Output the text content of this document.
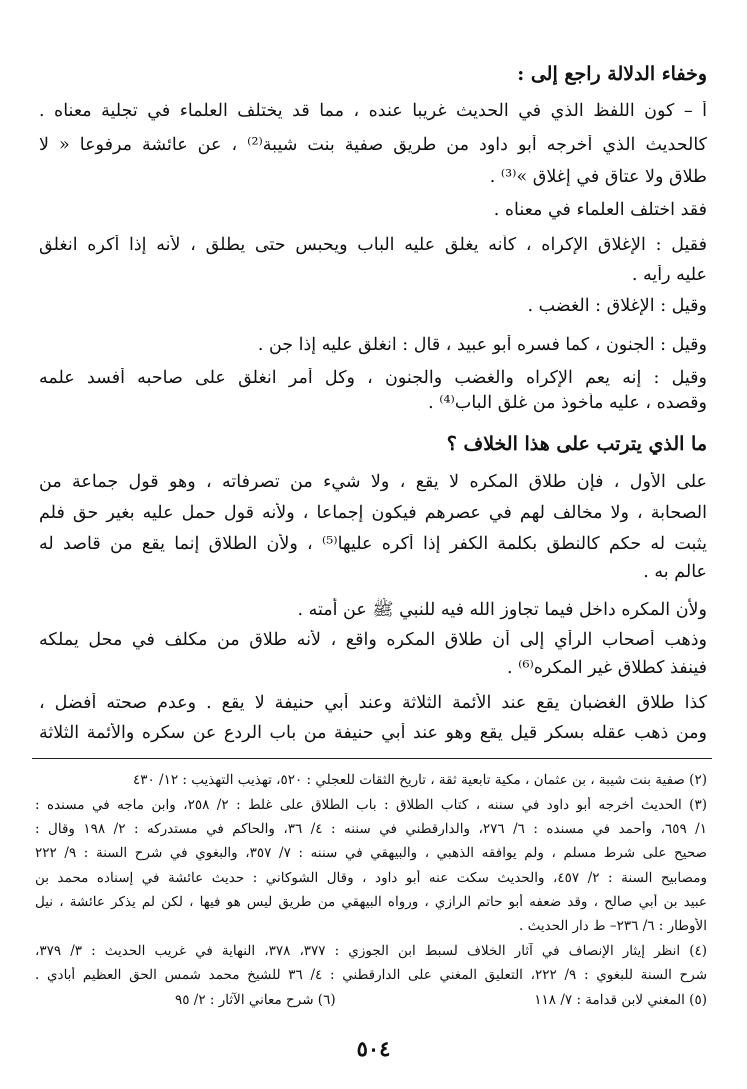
وخفاء الدلالة راجع إلى :
أ – كون اللفظ الذي في الحديث غريبا عنده ، مما قد يختلف العلماء في تجلية معناه .
كالحديث الذي أخرجه أبو داود من طريق صفية بنت شيبة⁽²⁾ ، عن عائشة مرفوعا « لا
طلاق ولا عتاق في إغلاق »⁽³⁾ .
فقد اختلف العلماء في معناه .
فقيل : الإغلاق الإكراه ، كأنه يغلق عليه الباب ويحبس حتى يطلق ، لأنه إذا أكره انغلق
عليه رأيه .
وقيل : الإغلاق : الغضب .
وقيل : الجنون ، كما فسره أبو عبيد ، قال : انغلق عليه إذا جن .
وقيل : إنه يعم الإكراه والغضب والجنون ، وكل أمر انغلق على صاحبه أفسد علمه
وقصده ، عليه مأخوذ من غلق الباب⁽⁴⁾ .
ما الذي يترتب على هذا الخلاف ؟
على الأول ، فإن طلاق المكره لا يقع ، ولا شيء من تصرفاته ، وهو قول جماعة من
الصحابة ، ولا مخالف لهم في عصرهم فيكون إجماعا ، ولأنه قول حمل عليه بغير حق فلم
يثبت له حكم كالنطق بكلمة الكفر إذا أكره عليها⁽⁵⁾ ، ولأن الطلاق إنما يقع من قاصد له
عالم به .
ولأن المكره داخل فيما تجاوز الله فيه للنبي ﷺ عن أمته .
وذهب أصحاب الرأي إلى أن طلاق المكره واقع ، لأنه طلاق من مكلف في محل يملكه
فينفذ كطلاق غير المكره⁽⁶⁾ .
كذا طلاق الغضبان يقع عند الأئمة الثلاثة وعند أبي حنيفة لا يقع . وعدم صحته أفضل ،
ومن ذهب عقله بسكر قيل يقع وهو عند أبي حنيفة من باب الردع عن سكره والأئمة الثلاثة
(٢) صفية بنت شيبة ، بن عثمان ، مكية تابعية ثقة ، تاريخ الثقات للعجلي : ٥٢٠، تهذيب التهذيب : ١٢/ ٤٣٠
(٣) الحديث أخرجه أبو داود في سننه ، كتاب الطلاق : باب الطلاق على غلط : ٢/ ٢٥٨، وابن ماجه في مسنده :
١/ ٦٥٩، وأحمد في مسنده : ٦/ ٢٧٦، والدارقطني في سننه : ٤/ ٣٦، والحاكم في مستدركه : ٢/ ١٩٨ وقال :
صحيح على شرط مسلم ، ولم يوافقه الذهبي ، والبيهقي في سننه : ٧/ ٣٥٧، والبغوي في شرح السنة : ٩/ ٢٢٢
ومصابيح السنة : ٢/ ٤٥٧، والحديث سكت عنه أبو داود ، وقال الشوكاني : حديث عائشة في إسناده محمد بن
عبيد بن أبي صالح ، وقد ضعفه أبو حاتم الرازي ، ورواه البيهقي من طريق ليس هو فيها ، لكن لم يذكر عائشة ، نيل
الأوطار : ٦/ ٢٣٦– ط دار الحديث .
(٤) انظر إيثار الإنصاف في آثار الخلاف لسبط ابن الجوزي : ٣٧٧، ٣٧٨، النهاية في غريب الحديث : ٣/ ٣٧٩،
شرح السنة للبغوي : ٩/ ٢٢٢، التعليق المغني على الدارقطني : ٤/ ٣٦ للشيخ محمد شمس الحق العظيم أبادي .
(٥) المغني لابن قدامة : ٧/ ١١٨
(٦) شرح معاني الآثار : ٢/ ٩٥
٥٠٤
